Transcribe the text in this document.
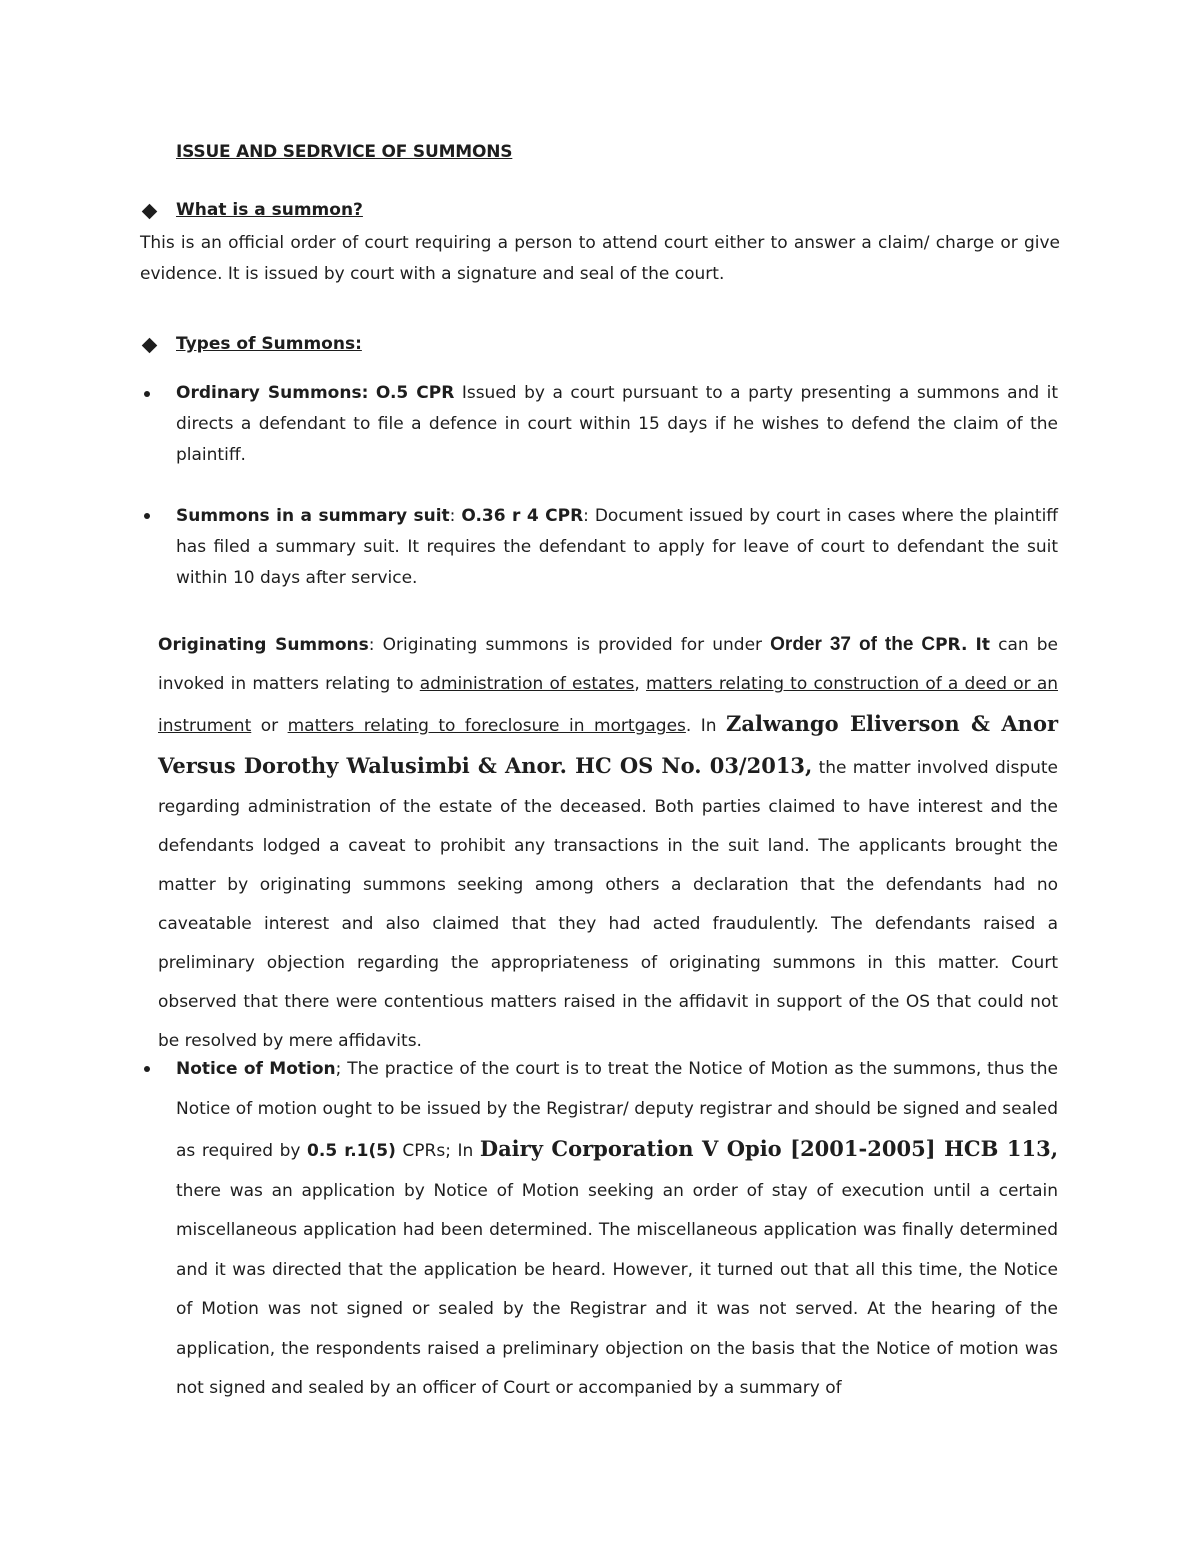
ISSUE AND SEDRVICE OF SUMMONS
What is a summon?
This is an official order of court requiring a person to attend court either to answer a claim/ charge or give evidence. It is issued by court with a signature and seal of the court.
Types of Summons:
Ordinary Summons: O.5 CPR Issued by a court pursuant to a party presenting a summons and it directs a defendant to file a defence in court within 15 days if he wishes to defend the claim of the plaintiff.
Summons in a summary suit: O.36 r 4 CPR: Document issued by court in cases where the plaintiff has filed a summary suit. It requires the defendant to apply for leave of court to defendant the suit within 10 days after service.
Originating Summons: Originating summons is provided for under Order 37 of the CPR. It can be invoked in matters relating to administration of estates, matters relating to construction of a deed or an instrument or matters relating to foreclosure in mortgages. In Zalwango Eliverson & Anor Versus Dorothy Walusimbi & Anor. HC OS No. 03/2013, the matter involved dispute regarding administration of the estate of the deceased. Both parties claimed to have interest and the defendants lodged a caveat to prohibit any transactions in the suit land. The applicants brought the matter by originating summons seeking among others a declaration that the defendants had no caveatable interest and also claimed that they had acted fraudulently. The defendants raised a preliminary objection regarding the appropriateness of originating summons in this matter. Court observed that there were contentious matters raised in the affidavit in support of the OS that could not be resolved by mere affidavits.
Notice of Motion; The practice of the court is to treat the Notice of Motion as the summons, thus the Notice of motion ought to be issued by the Registrar/ deputy registrar and should be signed and sealed as required by 0.5 r.1(5) CPRs; In Dairy Corporation V Opio [2001-2005] HCB 113, there was an application by Notice of Motion seeking an order of stay of execution until a certain miscellaneous application had been determined. The miscellaneous application was finally determined and it was directed that the application be heard. However, it turned out that all this time, the Notice of Motion was not signed or sealed by the Registrar and it was not served. At the hearing of the application, the respondents raised a preliminary objection on the basis that the Notice of motion was not signed and sealed by an officer of Court or accompanied by a summary of
